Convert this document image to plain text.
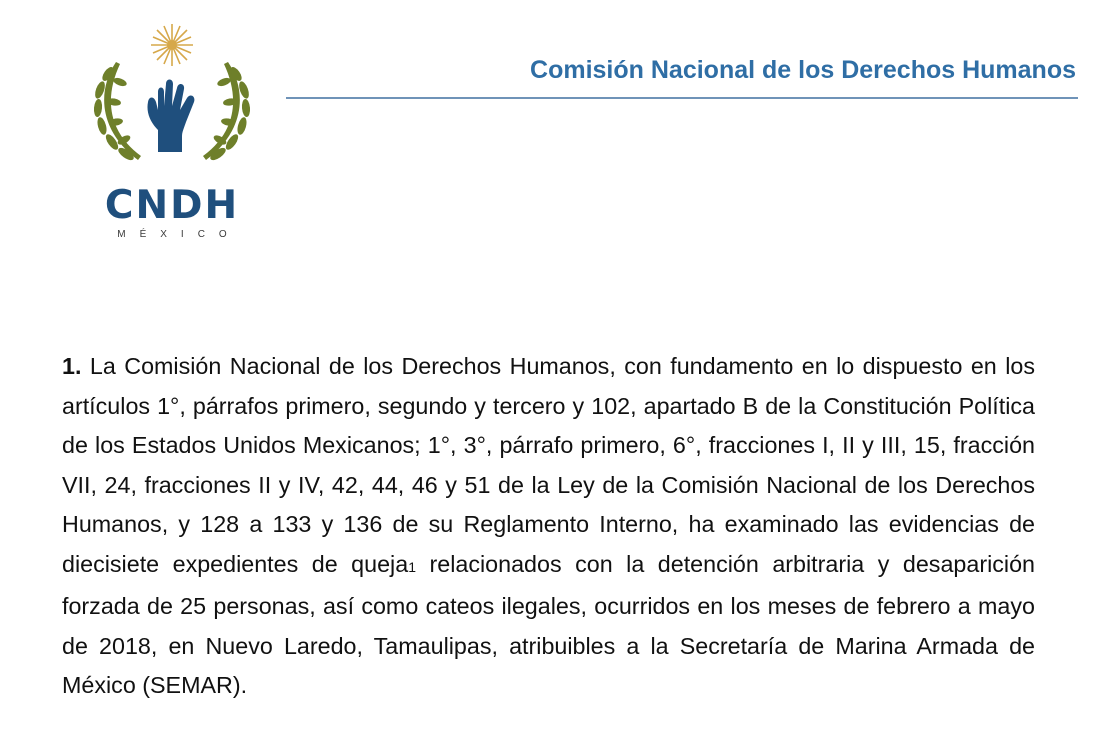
CNDH
MÉXICO
Comisión Nacional de los Derechos Humanos

1. La Comisión Nacional de los Derechos Humanos, con fundamento en lo dispuesto en los artículos 1°, párrafos primero, segundo y tercero y 102, apartado B de la Constitución Política de los Estados Unidos Mexicanos; 1°, 3°, párrafo primero, 6°, fracciones I, II y III, 15, fracción VII, 24, fracciones II y IV, 42, 44, 46 y 51 de la Ley de la Comisión Nacional de los Derechos Humanos, y 128 a 133 y 136 de su Reglamento Interno, ha examinado las evidencias de diecisiete expedientes de queja1 relacionados con la detención arbitraria y desaparición forzada de 25 personas, así como cateos ilegales, ocurridos en los meses de febrero a mayo de 2018, en Nuevo Laredo, Tamaulipas, atribuibles a la Secretaría de Marina Armada de México (SEMAR).
